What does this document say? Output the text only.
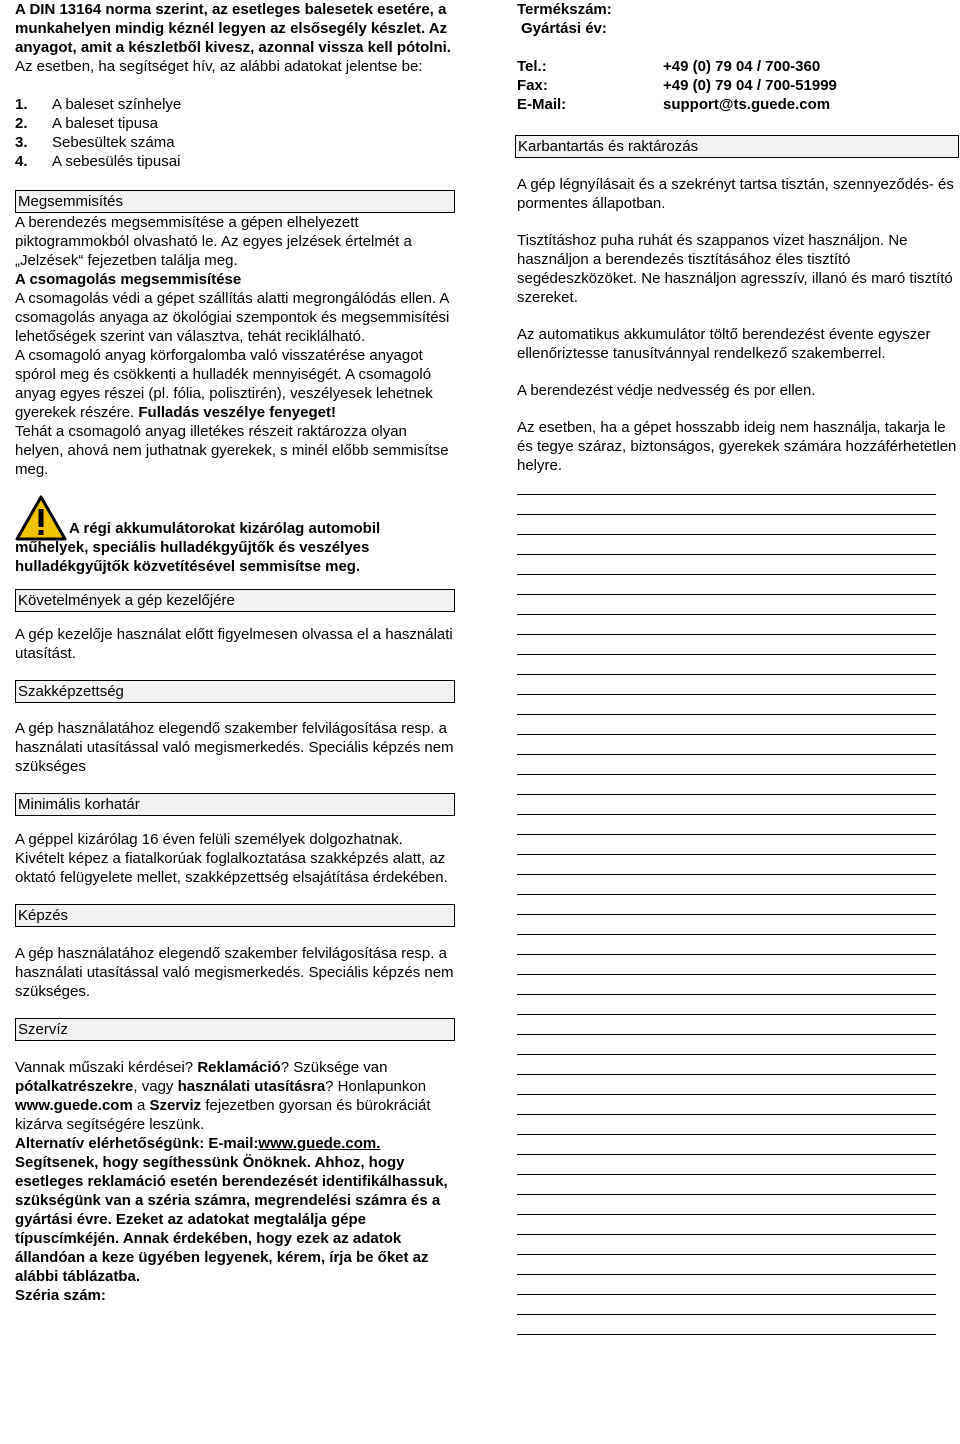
A DIN 13164 norma szerint, az esetleges balesetek esetére, a munkahelyen mindig kéznél legyen az elsősegély készlet. Az anyagot, amit a készletből kivesz, azonnal vissza kell pótolni.

Az esetben, ha segítséget hív, az alábbi adatokat jelentse be:

1.	A baleset színhelye
2.	A baleset tipusa
3.	Sebesültek száma
4.	A sebesülés tipusai
Megsemmisítés

A berendezés megsemmisítése a gépen elhelyezett piktogrammokból olvasható le. Az egyes jelzések értelmét a „Jelzések“ fejezetben találja meg.

A csomagolás megsemmisítése

A csomagolás védi a gépet szállítás alatti megrongálódás ellen. A csomagolás anyaga az ökológiai szempontok és megsemmisítési lehetőségek szerint van választva, tehát reciklálható.

A csomagoló anyag körforgalomba való visszatérése anyagot spórol meg és csökkenti a hulladék mennyiségét. A csomagoló anyag egyes részei (pl. fólia, polisztirén), veszélyesek lehetnek gyerekek részére. Fulladás veszélye fenyeget!

Tehát a csomagoló anyag illetékes részeit raktározza olyan helyen, ahová nem juthatnak gyerekek, s minél előbb semmisítse meg.

A régi akkumulátorokat kizárólag automobil műhelyek, speciális hulladékgyűjtők és veszélyes hulladékgyűjtők közvetítésével semmisítse meg.

Követelmények a gép kezelőjére

A gép kezelője használat előtt figyelmesen olvassa el a használati utasítást.

Szakképzettség

A gép használatához elegendő szakember felvilágosítása resp. a használati utasítással való megismerkedés. Speciális képzés nem szükséges

Minimális korhatár

A géppel kizárólag 16 éven felüli személyek dolgozhatnak. Kivételt képez a fiatalkorúak foglalkoztatása szakképzés alatt, az oktató felügyelete mellet, szakképzettség elsajátítása érdekében.

Képzés

A gép használatához elegendő szakember felvilágosítása resp. a használati utasítással való megismerkedés. Speciális képzés nem szükséges.

Szervíz

Vannak műszaki kérdései? Reklamáció? Szüksége van pótalkatrészekre, vagy használati utasításra? Honlapunkon www.guede.com a Szerviz fejezetben gyorsan és bürokráciát kizárva segítségére leszünk.

Alternatív elérhetőségünk: E-mail:www.guede.com.

Segítsenek, hogy segíthessünk Önöknek. Ahhoz, hogy esetleges reklamáció esetén berendezését identifikálhassuk, szükségünk van a széria számra, megrendelési számra és a gyártási évre. Ezeket az adatokat megtalálja gépe típuscímkéjén. Annak érdekében, hogy ezek az adatok állandóan a keze ügyében legyenek, kérem, írja be őket az alábbi táblázatba.

Széria szám:

Termékszám:

Gyártási év:

Tel.:	+49 (0) 79 04 / 700-360
Fax:	+49 (0) 79 04 / 700-51999
E-Mail:	support@ts.guede.com
Karbantartás és raktározás

A gép légnyílásait és a szekrényt tartsa tisztán, szennyeződés- és pormentes állapotban.

Tisztításhoz puha ruhát és szappanos vizet használjon. Ne használjon a berendezés tisztításához éles tisztító segédeszközöket. Ne használjon agresszív, illanó és maró tisztító szereket.

Az automatikus akkumulátor töltő berendezést évente egyszer ellenőriztesse tanusítvánnyal rendelkező szakemberrel.

A berendezést védje nedvesség és por ellen.

Az esetben, ha a gépet hosszabb ideig nem használja, takarja le és tegye száraz, biztonságos, gyerekek számára hozzáférhetetlen helyre.
